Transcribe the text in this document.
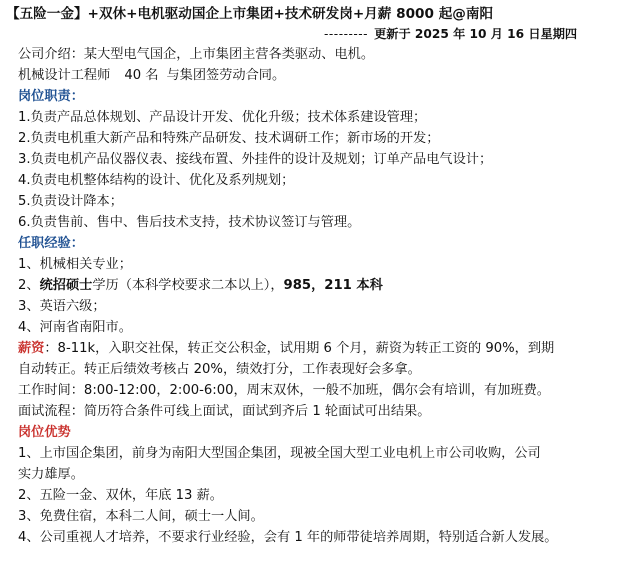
【五险一金】+双休+电机驱动国企上市集团+技术研发岗+月薪 8000 起@南阳
--------- 更新于 2025 年 10 月 16 日星期四
公司介绍：某大型电气国企，上市集团主营各类驱动、电机。
机械设计工程师 40 名 与集团签劳动合同。
岗位职责：
1.负责产品总体规划、产品设计开发、优化升级；技术体系建设管理；
2.负责电机重大新产品和特殊产品研发、技术调研工作；新市场的开发；
3.负责电机产品仪器仪表、接线布置、外挂件的设计及规划；订单产品电气设计；
4.负责电机整体结构的设计、优化及系列规划；
5.负责设计降本；
6.负责售前、售中、售后技术支持，技术协议签订与管理。
任职经验：
1、机械相关专业；
2、统招硕士学历（本科学校要求二本以上），985，211 本科
3、英语六级；
4、河南省南阳市。
薪资：8-11k，入职交社保，转正交公积金，试用期 6 个月，薪资为转正工资的 90%，到期
自动转正。转正后绩效考核占 20%，绩效打分，工作表现好会多拿。
工作时间：8:00-12:00，2:00-6:00，周末双休，一般不加班，偶尔会有培训，有加班费。
面试流程：简历符合条件可线上面试，面试到齐后 1 轮面试可出结果。
岗位优势
1、上市国企集团，前身为南阳大型国企集团，现被全国大型工业电机上市公司收购，公司
实力雄厚。
2、五险一金、双休，年底 13 薪。
3、免费住宿，本科二人间，硕士一人间。
4、公司重视人才培养，不要求行业经验，会有 1 年的师带徒培养周期，特别适合新人发展。
